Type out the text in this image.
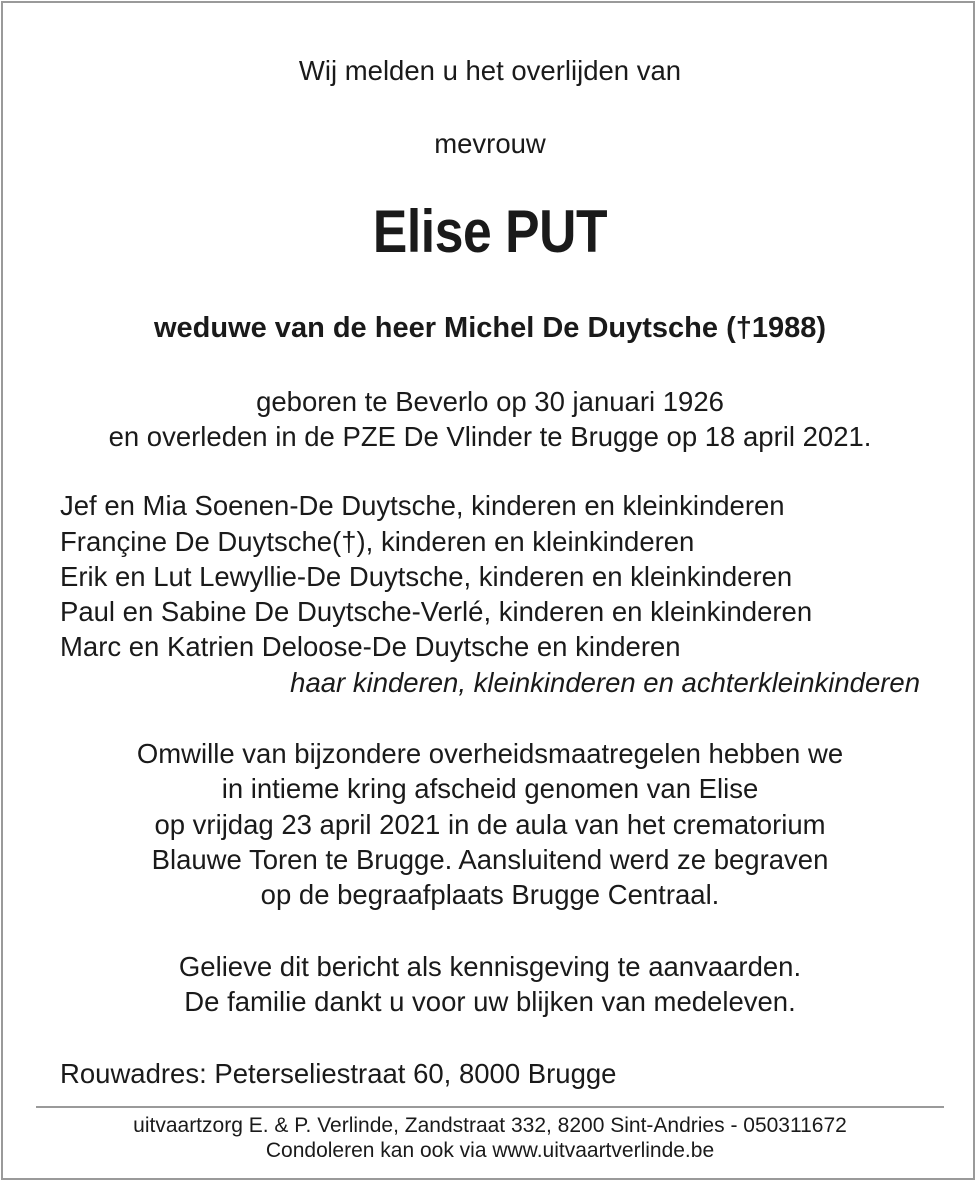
Wij melden u het overlijden van

mevrouw

Elise PUT

weduwe van de heer Michel De Duytsche (†1988)

geboren te Beverlo op 30 januari 1926

en overleden in de PZE De Vlinder te Brugge op 18 april 2021.

Jef en Mia Soenen-De Duytsche, kinderen en kleinkinderen

Françine De Duytsche(†), kinderen en kleinkinderen

Erik en Lut Lewyllie-De Duytsche, kinderen en kleinkinderen

Paul en Sabine De Duytsche-Verlé, kinderen en kleinkinderen

Marc en Katrien Deloose-De Duytsche en kinderen

haar kinderen, kleinkinderen en achterkleinkinderen

Omwille van bijzondere overheidsmaatregelen hebben we

in intieme kring afscheid genomen van Elise

op vrijdag 23 april 2021 in de aula van het crematorium

Blauwe Toren te Brugge. Aansluitend werd ze begraven

op de begraafplaats Brugge Centraal.

Gelieve dit bericht als kennisgeving te aanvaarden.

De familie dankt u voor uw blijken van medeleven.

Rouwadres: Peterseliestraat 60, 8000 Brugge

uitvaartzorg E. & P. Verlinde, Zandstraat 332, 8200 Sint-Andries - 050311672

Condoleren kan ook via www.uitvaartverlinde.be
